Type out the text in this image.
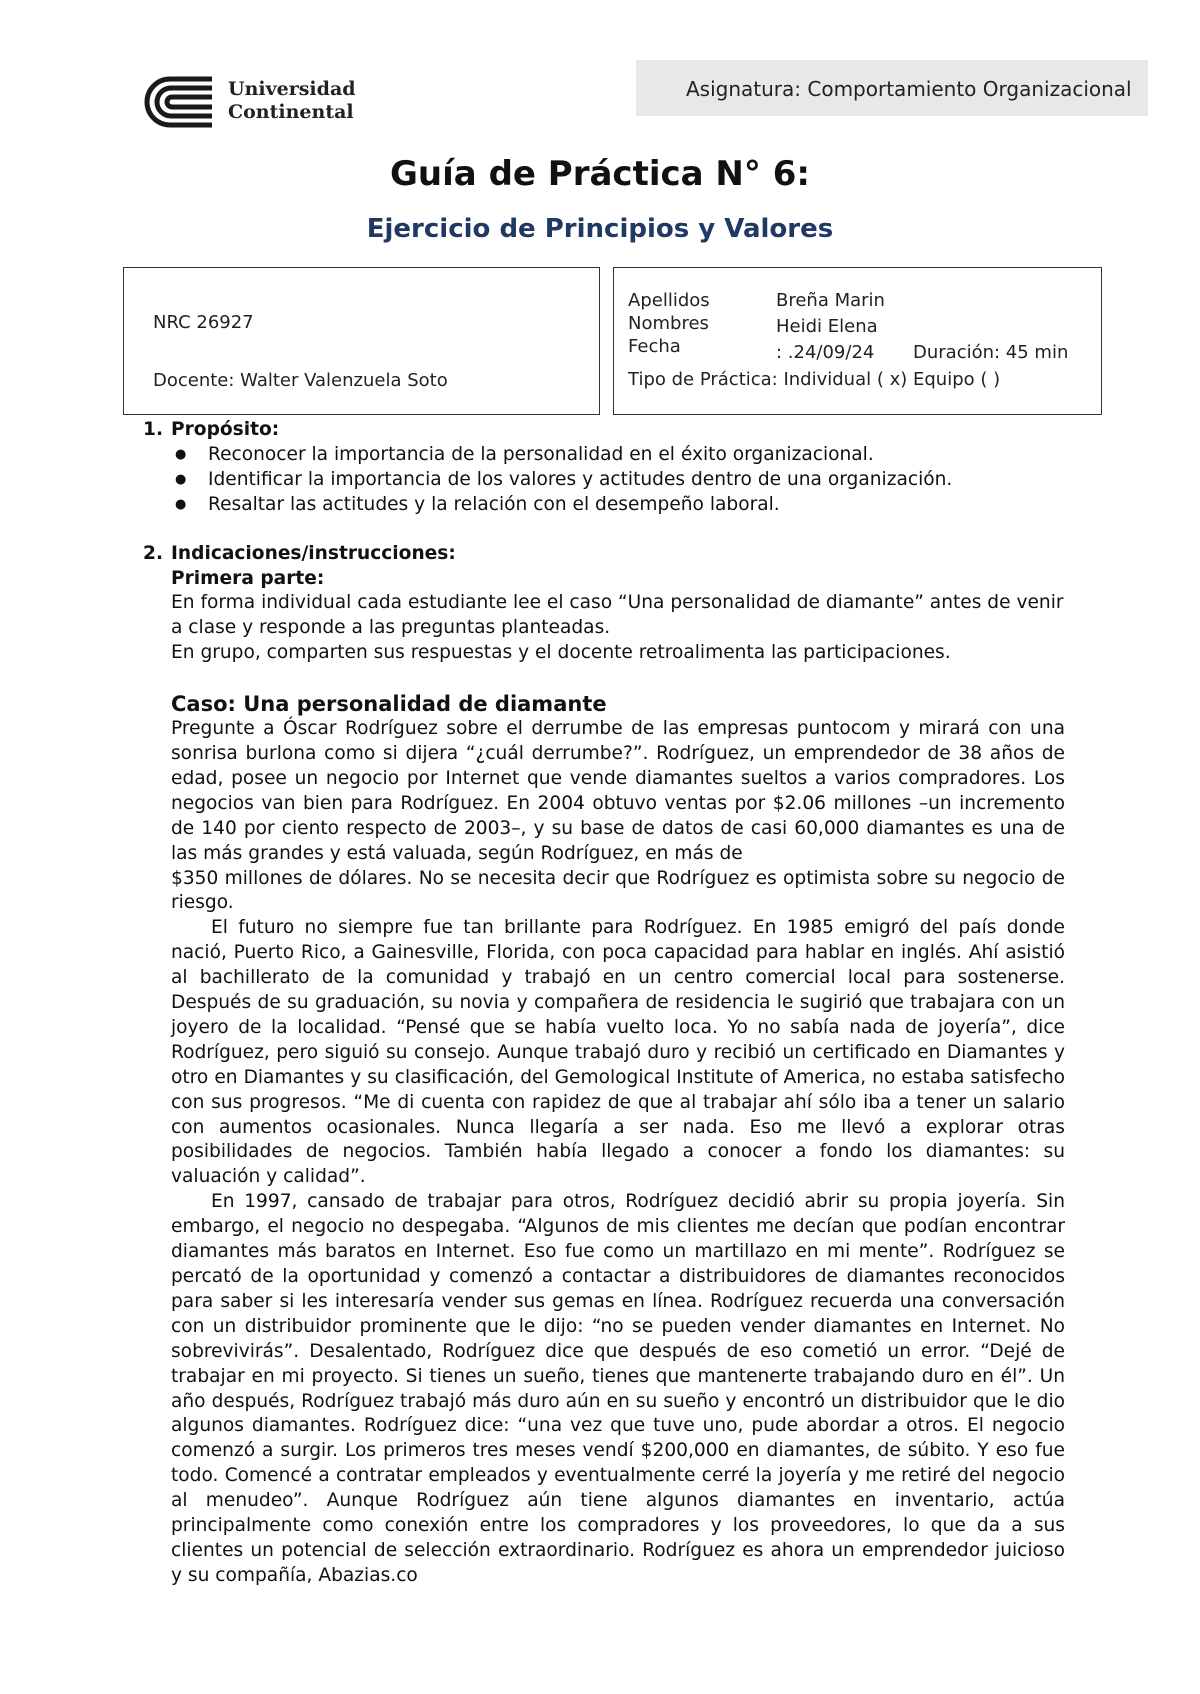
Universidad
Continental
Asignatura: Comportamiento Organizacional
Guía de Práctica N° 6:
Ejercicio de Principios y Valores
NRC 26927
Docente: Walter Valenzuela Soto
Apellidos	Breña Marin
Nombres	Heidi Elena
Fecha	: .24/09/24 Duración: 45 min
Tipo de Práctica: Individual ( x) Equipo ( )
1. Propósito:
● Reconocer la importancia de la personalidad en el éxito organizacional.
● Identificar la importancia de los valores y actitudes dentro de una organización.
● Resaltar las actitudes y la relación con el desempeño laboral.
2. Indicaciones/instrucciones: Primera parte:
En forma individual cada estudiante lee el caso “Una personalidad de diamante” antes de venir a clase y responde a las preguntas planteadas.
En grupo, comparten sus respuestas y el docente retroalimenta las participaciones.
Caso: Una personalidad de diamante

Pregunte a Óscar Rodríguez sobre el derrumbe de las empresas puntocom y mirará con una sonrisa burlona como si dijera “¿cuál derrumbe?”. Rodríguez, un emprendedor de 38 años de edad, posee un negocio por Internet que vende diamantes sueltos a varios compradores. Los negocios van bien para Rodríguez. En 2004 obtuvo ventas por $2.06 millones –un incremento de 140 por ciento respecto de 2003–, y su base de datos de casi 60,000 diamantes es una de las más grandes y está valuada, según Rodríguez, en más de

$350 millones de dólares. No se necesita decir que Rodríguez es optimista sobre su negocio de riesgo.

El futuro no siempre fue tan brillante para Rodríguez. En 1985 emigró del país donde nació, Puerto Rico, a Gainesville, Florida, con poca capacidad para hablar en inglés. Ahí asistió al bachillerato de la comunidad y trabajó en un centro comercial local para sostenerse. Después de su graduación, su novia y compañera de residencia le sugirió que trabajara con un joyero de la localidad. “Pensé que se había vuelto loca. Yo no sabía nada de joyería”, dice Rodríguez, pero siguió su consejo. Aunque trabajó duro y recibió un certificado en Diamantes y otro en Diamantes y su clasificación, del Gemological Institute of America, no estaba satisfecho con sus progresos. “Me di cuenta con rapidez de que al trabajar ahí sólo iba a tener un salario con aumentos ocasionales. Nunca llegaría a ser nada. Eso me llevó a explorar otras posibilidades de negocios. También había llegado a conocer a fondo los diamantes: su valuación y calidad”.

En 1997, cansado de trabajar para otros, Rodríguez decidió abrir su propia joyería. Sin embargo, el negocio no despegaba. “Algunos de mis clientes me decían que podían encontrar diamantes más baratos en Internet. Eso fue como un martillazo en mi mente”. Rodríguez se percató de la oportunidad y comenzó a contactar a distribuidores de diamantes reconocidos para saber si les interesaría vender sus gemas en línea. Rodríguez recuerda una conversación con un distribuidor prominente que le dijo: “no se pueden vender diamantes en Internet. No sobrevivirás”. Desalentado, Rodríguez dice que después de eso cometió un error. “Dejé de trabajar en mi proyecto. Si tienes un sueño, tienes que mantenerte trabajando duro en él”. Un año después, Rodríguez trabajó más duro aún en su sueño y encontró un distribuidor que le dio algunos diamantes. Rodríguez dice: “una vez que tuve uno, pude abordar a otros. El negocio comenzó a surgir. Los primeros tres meses vendí $200,000 en diamantes, de súbito. Y eso fue todo. Comencé a contratar empleados y eventualmente cerré la joyería y me retiré del negocio al menudeo”. Aunque Rodríguez aún tiene algunos diamantes en inventario, actúa principalmente como conexión entre los compradores y los proveedores, lo que da a sus clientes un potencial de selección extraordinario. Rodríguez es ahora un emprendedor juicioso y su compañía, Abazias.co
